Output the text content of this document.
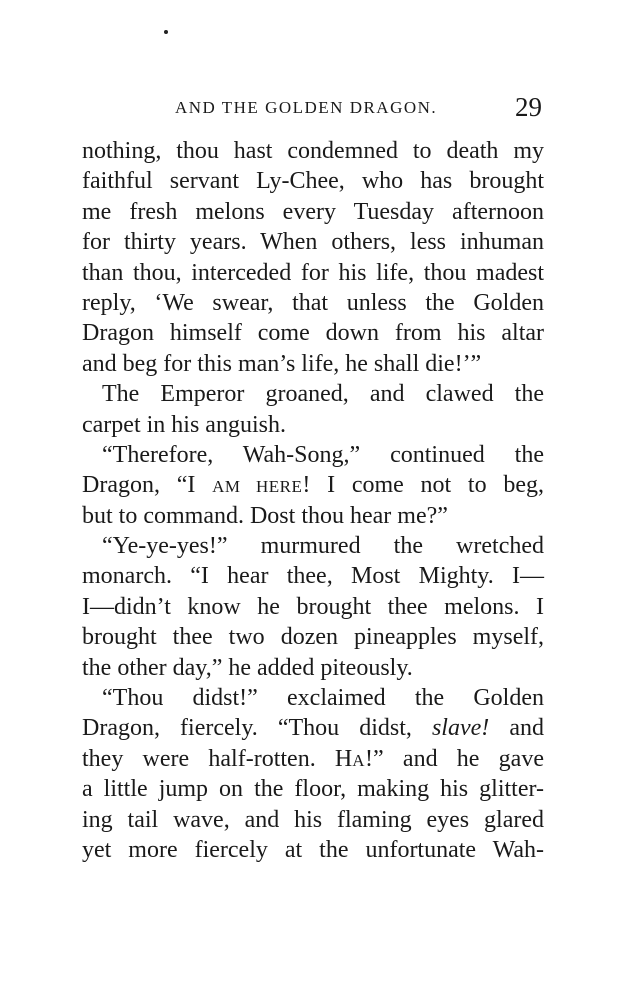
AND THE GOLDEN DRAGON.	29
nothing, thou hast condemned to death my
faithful servant Ly-Chee, who has brought
me fresh melons every Tuesday afternoon
for thirty years. When others, less inhuman
than thou, interceded for his life, thou madest
reply, ‘We swear, that unless the Golden
Dragon himself come down from his altar
and beg for this man’s life, he shall die!’”
The Emperor groaned, and clawed the
carpet in his anguish.
“Therefore, Wah-Song,” continued the
Dragon, “I AM HERE! I come not to beg,
but to command. Dost thou hear me?”
“Ye-ye-yes!” murmured the wretched
monarch. “I hear thee, Most Mighty. I—
I—didn’t know he brought thee melons. I
brought thee two dozen pineapples myself,
the other day,” he added piteously.
“Thou didst!” exclaimed the Golden
Dragon, fiercely. “Thou didst, slave! and
they were half-rotten. HA!” and he gave
a little jump on the floor, making his glitter-
ing tail wave, and his flaming eyes glared
yet more fiercely at the unfortunate Wah-
